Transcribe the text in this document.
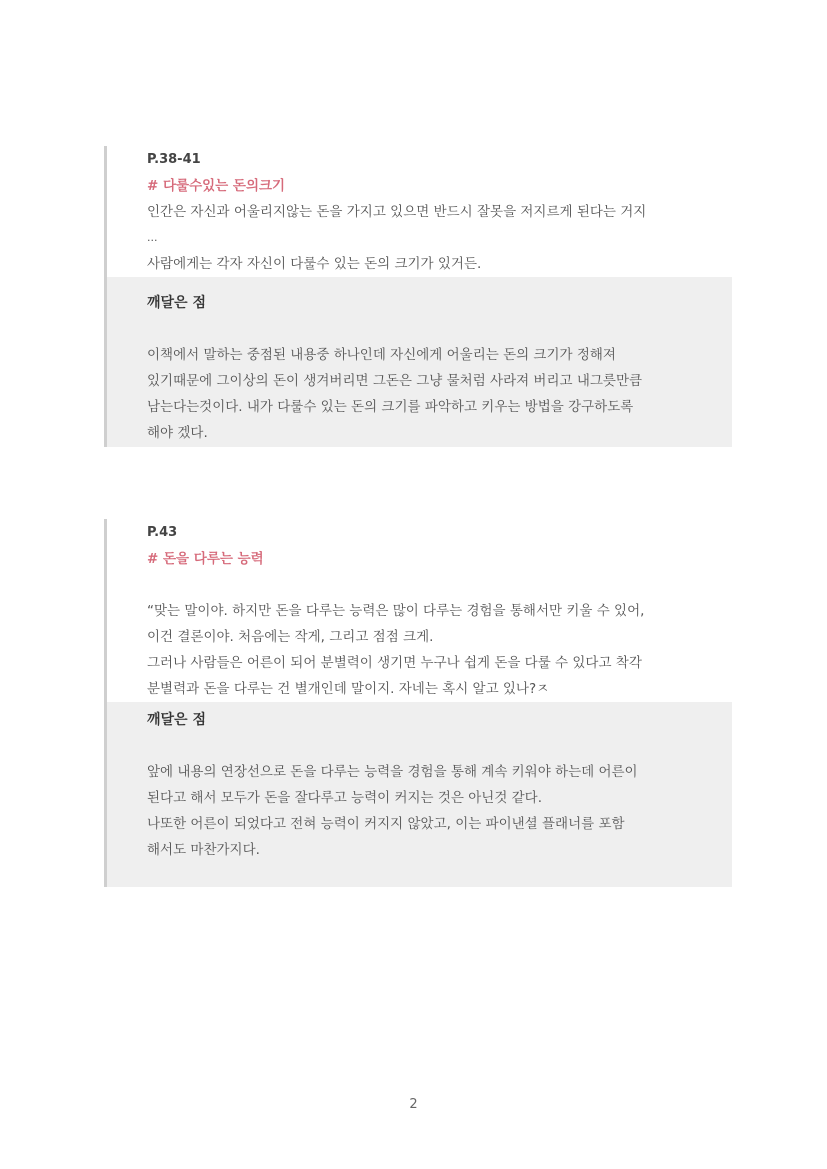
P.38-41
# 다룰수있는 돈의크기
인간은 자신과 어울리지않는 돈을 가지고 있으면 반드시 잘못을 저지르게 된다는 거지
...
사람에게는 각자 자신이 다룰수 있는 돈의 크기가 있거든.
깨달은 점
이책에서 말하는 중점된 내용중 하나인데 자신에게 어울리는 돈의 크기가 정해져
있기때문에 그이상의 돈이 생겨버리면 그돈은 그냥 물처럼 사라져 버리고 내그릇만큼
남는다는것이다. 내가 다룰수 있는 돈의 크기를 파악하고 키우는 방법을 강구하도록
해야 겠다.
P.43
# 돈을 다루는 능력
“맞는 말이야. 하지만 돈을 다루는 능력은 많이 다루는 경험을 통해서만 키울 수 있어,
이건 결론이야. 처음에는 작게, 그리고 점점 크게.
그러나 사람들은 어른이 되어 분별력이 생기면 누구나 쉽게 돈을 다룰 수 있다고 착각
분별력과 돈을 다루는 건 별개인데 말이지. 자네는 혹시 알고 있나?ㅈ
깨달은 점
앞에 내용의 연장선으로 돈을 다루는 능력을 경험을 통해 계속 키워야 하는데 어른이
된다고 해서 모두가 돈을 잘다루고 능력이 커지는 것은 아닌것 같다.
나또한 어른이 되었다고 전혀 능력이 커지지 않았고, 이는 파이낸셜 플래너를 포함
해서도 마찬가지다.
2
